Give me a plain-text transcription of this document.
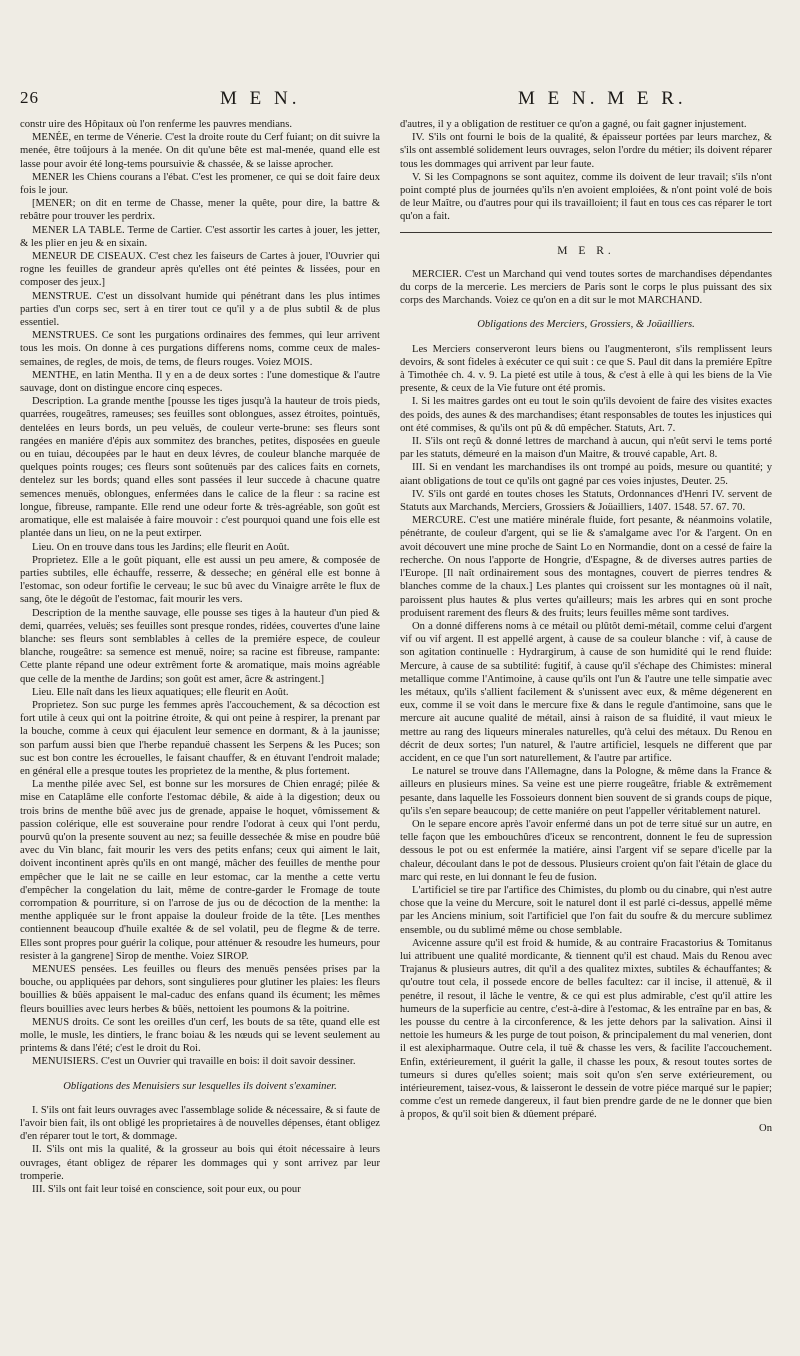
26	M E N.	M E N. M E R.

constr uire des Hôpitaux où l'on renferme les pauvres mendians.

MENÉE, en terme de Vénerie. C'est la droite route du Cerf fuiant; on dit suivre la menée, être toûjours à la menée. On dit qu'une bête est mal-menée, quand elle est lasse pour avoir été long-tems poursuivie & chassée, & se laisse aprocher.

MENER les Chiens courans a l'ébat. C'est les promener, ce qui se doit faire deux fois le jour.

[MENER; on dit en terme de Chasse, mener la quête, pour dire, la battre & rebâtre pour trouver les perdrix.

MENER LA TABLE. Terme de Cartier. C'est assortir les cartes à jouer, les jetter, & les plier en jeu & en sixain.

MENEUR DE CISEAUX. C'est chez les faiseurs de Cartes à jouer, l'Ouvrier qui rogne les feuilles de grandeur après qu'elles ont été peintes & lissées, pour en composer des jeux.]

MENSTRUE. C'est un dissolvant humide qui pénétrant dans les plus intimes parties d'un corps sec, sert à en tirer tout ce qu'il y a de plus subtil & de plus essentiel.

MENSTRUES. Ce sont les purgations ordinaires des femmes, qui leur arrivent tous les mois. On donne à ces purgations differens noms, comme ceux de males-semaines, de regles, de mois, de tems, de fleurs rouges. Voiez MOIS.

MENTHE, en latin Mentha. Il y en a de deux sortes : l'une domestique & l'autre sauvage, dont on distingue encore cinq especes.

Description. La grande menthe [pousse les tiges jusqu'à la hauteur de trois pieds, quarrées, rougeâtres, rameuses; ses feuilles sont oblongues, assez étroites, pointuës, dentelées en leurs bords, un peu veluës, de couleur verte-brune: ses fleurs sont rangées en maniére d'épis aux sommitez des branches, petites, disposées en gueule ou en tuiau, découpées par le haut en deux lévres, de couleur blanche marquée de quelques points rouges; ces fleurs sont soûtenuës par des calices faits en cornets, dentelez sur les bords; quand elles sont passées il leur succede à chacune quatre semences menuës, oblongues, enfermées dans le calice de la fleur : sa racine est longue, fibreuse, rampante. Elle rend une odeur forte & très-agréable, son goût est aromatique, elle est malaisée à faire mouvoir : c'est pourquoi quand une fois elle est plantée dans un lieu, on ne la peut extirper.

Lieu. On en trouve dans tous les Jardins; elle fleurit en Août.

Proprietez. Elle a le goût piquant, elle est aussi un peu amere, & composée de parties subtiles, elle échauffe, resserre, & desseche; en général elle est bonne à l'estomac, son odeur fortifie le cerveau; le suc bû avec du Vinaigre arrête le flux de sang, ôte le dégoût de l'estomac, fait mourir les vers.

Description de la menthe sauvage, elle pousse ses tiges à la hauteur d'un pied & demi, quarrées, veluës; ses feuilles sont presque rondes, ridées, couvertes d'une laine blanche: ses fleurs sont semblables à celles de la premiére espece, de couleur blanche, rougeâtre: sa semence est menuë, noire; sa racine est fibreuse, rampante: Cette plante répand une odeur extrêment forte & aromatique, mais moins agréable que celle de la menthe de Jardins; son goût est amer, âcre & astringent.]

Lieu. Elle naît dans les lieux aquatiques; elle fleurit en Août.

Proprietez. Son suc purge les femmes après l'accouchement, & sa décoction est fort utile à ceux qui ont la poitrine étroite, & qui ont peine à respirer, la prenant par la bouche, comme à ceux qui éjaculent leur semence en dormant, & à la jaunisse; son parfum aussi bien que l'herbe repanduë chassent les Serpens & les Puces; son suc est bon contre les écrouelles, le faisant chauffer, & en étuvant l'endroit malade; en général elle a presque toutes les proprietez de la menthe, & plus fortement.

La menthe pilée avec Sel, est bonne sur les morsures de Chien enragé; pilée & mise en Cataplâme elle conforte l'estomac débile, & aide à la digestion; deux ou trois brins de menthe bûë avec jus de grenade, appaise le hoquet, vômissement & passion colérique, elle est souveraine pour rendre l'odorat à ceux qui l'ont perdu, pourvû qu'on la presente souvent au nez; sa feuille dessechée & mise en poudre bûë avec du Vin blanc, fait mourir les vers des petits enfans; ceux qui aiment le lait, doivent incontinent après qu'ils en ont mangé, mâcher des feuilles de menthe pour empêcher que le lait ne se caille en leur estomac, car la menthe a cette vertu d'empêcher la congelation du lait, même de contre-garder le Fromage de toute corrompation & pourriture, si on l'arrose de jus ou de décoction de la menthe: la menthe appliquée sur le front appaise la douleur froide de la tête. [Les menthes contiennent beaucoup d'huile exaltée & de sel volatil, peu de flegme & de terre. Elles sont propres pour guérir la colique, pour atténuer & resoudre les humeurs, pour resister à la gangrene] Sirop de menthe. Voiez SIROP.

MENUES pensées. Les feuilles ou fleurs des menuës pensées prises par la bouche, ou appliquées par dehors, sont singulieres pour glutiner les plaies: les fleurs bouillies & bûës appaisent le mal-caduc des enfans quand ils écument; les mêmes fleurs bouillies avec leurs herbes & bûës, nettoient les poumons & la poitrine.

MENUS droits. Ce sont les oreilles d'un cerf, les bouts de sa tête, quand elle est molle, le musle, les dintiers, le franc boiau & les nœuds qui se levent seulement au printems & dans l'été; c'est le droit du Roi.

MENUISIERS. C'est un Ouvrier qui travaille en bois: il doit savoir dessiner.

Obligations des Menuisiers sur lesquelles ils doivent s'examiner.

I. S'ils ont fait leurs ouvrages avec l'assemblage solide & nécessaire, & si faute de l'avoir bien fait, ils ont obligé les proprietaires à de nouvelles dépenses, étant obligez d'en réparer tout le tort, & dommage.

II. S'ils ont mis la qualité, & la grosseur au bois qui étoit nécessaire à leurs ouvrages, étant obligez de réparer les dommages qui y sont arrivez par leur tromperie.

III. S'ils ont fait leur toisé en conscience, soit pour eux, ou pour

d'autres, il y a obligation de restituer ce qu'on a gagné, ou fait gagner injustement.

IV. S'ils ont fourni le bois de la qualité, & épaisseur portées par leurs marchez, & s'ils ont assemblé solidement leurs ouvrages, selon l'ordre du métier; ils doivent réparer tous les dommages qui arrivent par leur faute.

V. Si les Compagnons se sont aquitez, comme ils doivent de leur travail; s'ils n'ont point compté plus de journées qu'ils n'en avoient emploiées, & n'ont point volé de bois de leur Maître, ou d'autres pour qui ils travailloient; il faut en tous ces cas réparer le tort qu'on a fait.

M E R.

MERCIER. C'est un Marchand qui vend toutes sortes de marchandises dépendantes du corps de la mercerie. Les merciers de Paris sont le corps le plus puissant des six corps des Marchands. Voiez ce qu'on en a dit sur le mot MARCHAND.

Obligations des Merciers, Grossiers, & Joüailliers.

Les Merciers conserveront leurs biens ou l'augmenteront, s'ils remplissent leurs devoirs, & sont fideles à exécuter ce qui suit : ce que S. Paul dit dans la premiére Epître à Timothée ch. 4. v. 9. La pieté est utile à tous, & c'est à elle à qui les biens de la Vie presente, & ceux de la Vie future ont été promis.

I. Si les maitres gardes ont eu tout le soin qu'ils devoient de faire des visites exactes des poids, des aunes & des marchandises; étant responsables de toutes les injustices qui ont été commises, & qu'ils ont pû & dû empêcher. Statuts, Art. 7.

II. S'ils ont reçû & donné lettres de marchand à aucun, qui n'eût servi le tems porté par les statuts, démeuré en la maison d'un Maitre, & trouvé capable, Art. 8.

III. Si en vendant les marchandises ils ont trompé au poids, mesure ou quantité; y aiant obligations de tout ce qu'ils ont gagné par ces voies injustes, Deuter. 25.

IV. S'ils ont gardé en toutes choses les Statuts, Ordonnances d'Henri IV. servent de Statuts aux Marchands, Merciers, Grossiers & Joüailliers, 1407. 1548. 57. 67. 70.

MERCURE. C'est une matiére minérale fluide, fort pesante, & néanmoins volatile, pénétrante, de couleur d'argent, qui se lie & s'amalgame avec l'or & l'argent. On en avoit découvert une mine proche de Saint Lo en Normandie, dont on a cessé de faire la recherche. On nous l'apporte de Hongrie, d'Espagne, & de diverses autres parties de l'Europe. [Il naît ordinairement sous des montagnes, couvert de pierres tendres & blanches comme de la chaux.] Les plantes qui croissent sur les montagnes où il naît, paroissent plus hautes & plus vertes qu'ailleurs; mais les arbres qui en sont proche produisent rarement des fleurs & des fruits; leurs feuilles même sont tardives.

On a donné differens noms à ce métail ou plûtôt demi-métail, comme celui d'argent vif ou vif argent. Il est appellé argent, à cause de sa couleur blanche : vif, à cause de son agitation continuelle : Hydrargirum, à cause de son humidité qui le rend fluide: Mercure, à cause de sa subtilité: fugitif, à cause qu'il s'échape des Chimistes: mineral metallique comme l'Antimoine, à cause qu'ils ont l'un & l'autre une telle simpatie avec les métaux, qu'ils s'allient facilement & s'unissent avec eux, & même dégenerent en eux, comme il se voit dans le mercure fixe & dans le regule d'antimoine, sans que le mercure ait aucune qualité de métail, ainsi à raison de sa fluidité, il vaut mieux le mettre au rang des liqueurs minerales naturelles, qu'à celui des métaux. Du Renou en décrit de deux sortes; l'un naturel, & l'autre artificiel, lesquels ne different que par accident, en ce que l'un sort naturellement, & l'autre par artifice.

Le naturel se trouve dans l'Allemagne, dans la Pologne, & même dans la France & ailleurs en plusieurs mines. Sa veine est une pierre rougeâtre, friable & extrêmement pesante, dans laquelle les Fossoieurs donnent bien souvent de si grands coups de pique, qu'ils s'en separe beaucoup; de cette maniére on peut l'appeller véritablement naturel.

On le separe encore après l'avoir enfermé dans un pot de terre situé sur un autre, en telle façon que les embouchûres d'iceux se rencontrent, donnent le feu de supression dessous le pot ou est enfermée la matiére, ainsi l'argent vif se separe d'icelle par la chaleur, découlant dans le pot de dessous. Plusieurs croient qu'on fait l'étain de glace du marc qui reste, en lui donnant le feu de fusion.

L'artificiel se tire par l'artifice des Chimistes, du plomb ou du cinabre, qui n'est autre chose que la veine du Mercure, soit le naturel dont il est parlé ci-dessus, appellé même par les Anciens minium, soit l'artificiel que l'on fait du soufre & du mercure sublimez ensemble, ou du sublimé même ou chose semblable.

Avicenne assure qu'il est froid & humide, & au contraire Fracastorius & Tomitanus lui attribuent une qualité mordicante, & tiennent qu'il est chaud. Mais du Renou avec Trajanus & plusieurs autres, dit qu'il a des qualitez mixtes, subtiles & échauffantes; & qu'outre tout cela, il possede encore de belles facultez: car il incise, il attenuë, & il penétre, il resout, il lâche le ventre, & ce qui est plus admirable, c'est qu'il attire les humeurs de la superficie au centre, c'est-à-dire à l'estomac, & les entraîne par en bas, & les pousse du centre à la circonference, & les jette dehors par la salivation. Ainsi il nettoie les humeurs & les purge de tout poison, & principalement du mal venerien, dont il est alexipharmaque. Outre cela, il tuë & chasse les vers, & facilite l'accouchement. Enfin, extérieurement, il guérit la galle, il chasse les poux, & resout toutes sortes de tumeurs si dures qu'elles soient; mais soit qu'on s'en serve extérieurement, ou intérieurement, taisez-vous, & laisseront le dessein de votre piéce marqué sur le papier; comme c'est un remede dangereux, il faut bien prendre garde de ne le donner que bien à propos, & qu'il soit bien & dûement préparé.

On
